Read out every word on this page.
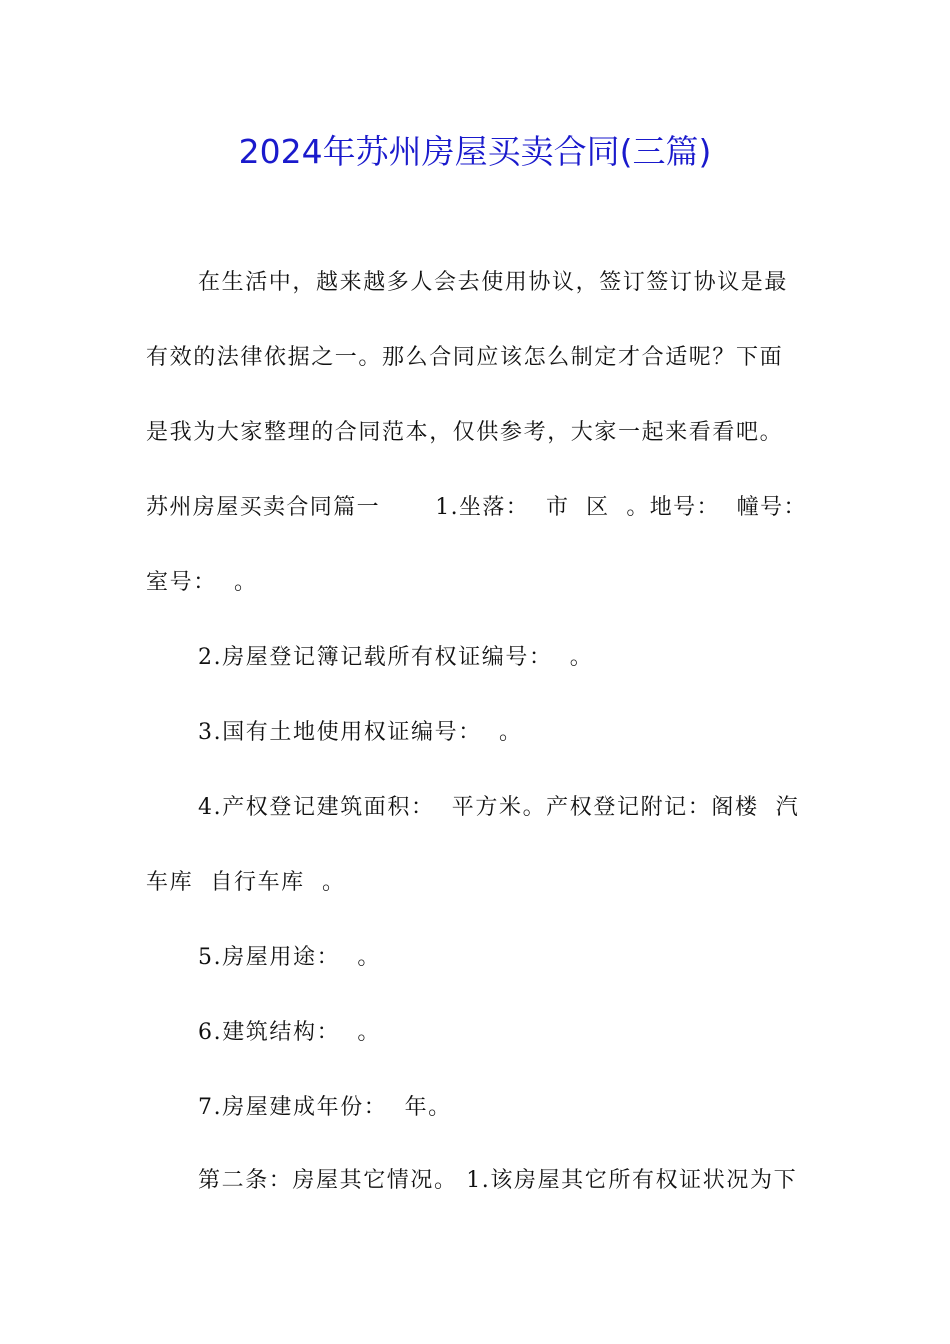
2024年苏州房屋买卖合同(三篇)
在生活中，越来越多人会去使用协议，签订签订协议是最
有效的法律依据之一。那么合同应该怎么制定才合适呢？下面
是我为大家整理的合同范本，仅供参考，大家一起来看看吧。
苏州房屋买卖合同篇一　　 1.坐落：  市  区  。地号：  幢号：
室号：  。
2.房屋登记簿记载所有权证编号：  。
3.国有土地使用权证编号：  。
4.产权登记建筑面积：  平方米。产权登记附记：阁楼  汽
车库  自行车库  。
5.房屋用途：  。
6.建筑结构：  。
7.房屋建成年份：  年。
第二条：房屋其它情况。 1.该房屋其它所有权证状况为下
